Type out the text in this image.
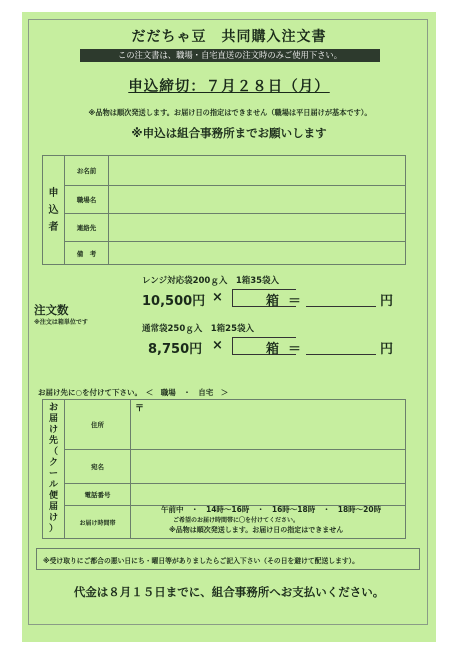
だだちゃ豆　共同購入注文書
この注文書は、職場・自宅直送の注文時のみご使用下さい。
申込締切：７月２８日（月）
※品物は順次発送します。お届け日の指定はできません（職場は平日届けが基本です）。
※申込は組合事務所までお願いします
申
込
者
お名前
職場名
連絡先
備　考
注文数
※注文は箱単位です
レンジ対応袋200ｇ入　1箱35袋入
10,500円 ×	箱 ＝	円
通常袋250ｇ入　1箱25袋入
8,750円 ×	箱 ＝	円
お届け先に○を付けて下さい。　＜　職場　・　自宅　＞
お
届
け
先
（
ク
ー
ル
便
届
け
）
住所
〒
宛名
電話番号
お届け時間帯
午前中　・　14時〜16時　・　16時〜18時　・　18時〜20時
ご希望のお届け時間帯に〇を付けてください。
※品物は順次発送します。お届け日の指定はできません
※受け取りにご都合の悪い日にち・曜日等がありましたらご記入下さい（その日を避けて配送します）。
代金は８月１５日までに、組合事務所へお支払いください。
